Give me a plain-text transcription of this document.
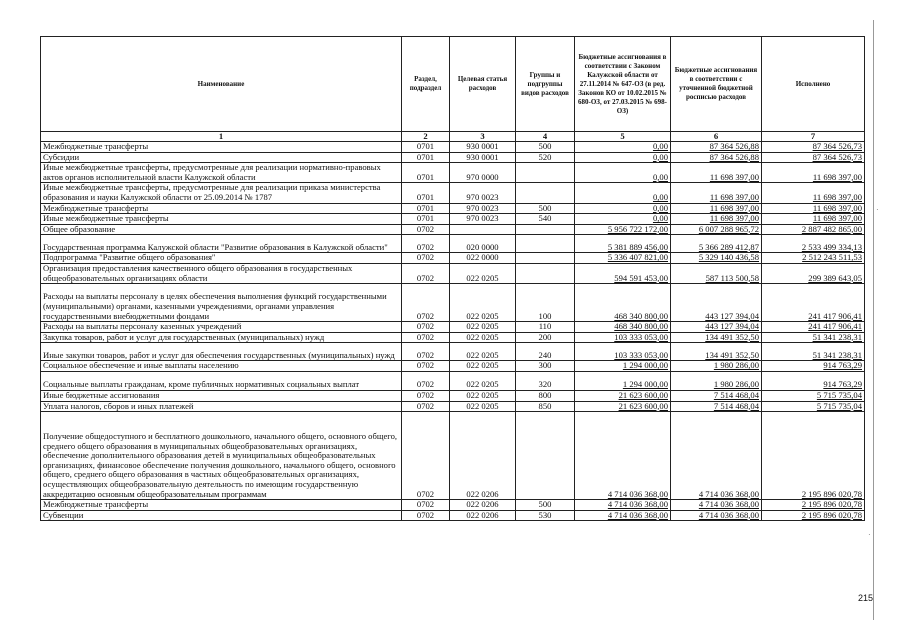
Наименование	Раздел, подраздел	Целевая статья расходов	Группы и подгруппы видов расходов	Бюджетные ассигнования в соответствии с Законом Калужской области от 27.11.2014 № 647-ОЗ (в ред. Законов КО от 10.02.2015 № 680-ОЗ, от 27.03.2015 № 698-ОЗ)	Бюджетные ассигнования в соответствии с уточненной бюджетной росписью расходов	Исполнено
1	2	3	4	5	6	7
Межбюджетные трансферты	0701	930 0001	500	0,00	87 364 526,88	87 364 526,73
Субсидии	0701	930 0001	520	0,00	87 364 526,88	87 364 526,73
Иные межбюджетные трансферты, предусмотренные для реализации нормативно-правовых актов органов исполнительной власти Калужской области	0701	970 0000		0,00	11 698 397,00	11 698 397,00
Иные межбюджетные трансферты, предусмотренные для реализации приказа министерства образования и науки Калужской области от 25.09.2014 № 1787	0701	970 0023		0,00	11 698 397,00	11 698 397,00
Межбюджетные трансферты	0701	970 0023	500	0,00	11 698 397,00	11 698 397,00
Иные межбюджетные трансферты	0701	970 0023	540	0,00	11 698 397,00	11 698 397,00
Общее образование	0702			5 956 722 172,00	6 007 288 965,72	2 887 482 865,00
Государственная программа Калужской области "Развитие образования в Калужской области"	0702	020 0000		5 381 889 456,00	5 366 289 412,87	2 533 499 334,13
Подпрограмма "Развитие общего образования"	0702	022 0000		5 336 407 821,00	5 329 140 436,58	2 512 243 511,53
Организация предоставления качественного общего образования в государственных общеобразовательных организациях области	0702	022 0205		594 591 453,00	587 113 500,58	299 389 643,05
Расходы на выплаты персоналу в целях обеспечения выполнения функций государственными (муниципальными) органами, казенными учреждениями, органами управления государственными внебюджетными фондами	0702	022 0205	100	468 340 800,00	443 127 394,04	241 417 906,41
Расходы на выплаты персоналу казенных учреждений	0702	022 0205	110	468 340 800,00	443 127 394,04	241 417 906,41
Закупка товаров, работ и услуг для государственных (муниципальных) нужд	0702	022 0205	200	103 333 053,00	134 491 352,50	51 341 238,31
Иные закупки товаров, работ и услуг для обеспечения государственных (муниципальных) нужд	0702	022 0205	240	103 333 053,00	134 491 352,50	51 341 238,31
Социальное обеспечение и иные выплаты населению	0702	022 0205	300	1 294 000,00	1 980 286,00	914 763,29
Социальные выплаты гражданам, кроме публичных нормативных социальных выплат	0702	022 0205	320	1 294 000,00	1 980 286,00	914 763,29
Иные бюджетные ассигнования	0702	022 0205	800	21 623 600,00	7 514 468,04	5 715 735,04
Уплата налогов, сборов и иных платежей	0702	022 0205	850	21 623 600,00	7 514 468,04	5 715 735,04
Получение общедоступного и бесплатного дошкольного, начального общего, основного общего, среднего общего образования в муниципальных общеобразовательных организациях, обеспечение дополнительного образования детей в муниципальных общеобразовательных организациях, финансовое обеспечение получения дошкольного, начального общего, основного общего, среднего общего образования в частных общеобразовательных организациях, осуществляющих общеобразовательную деятельность по имеющим государственную аккредитацию основным общеобразовательным программам	0702	022 0206		4 714 036 368,00	4 714 036 368,00	2 195 896 020,78
Межбюджетные трансферты	0702	022 0206	500	4 714 036 368,00	4 714 036 368,00	2 195 896 020,78
Субвенции	0702	022 0206	530	4 714 036 368,00	4 714 036 368,00	2 195 896 020,78
·
·
215
